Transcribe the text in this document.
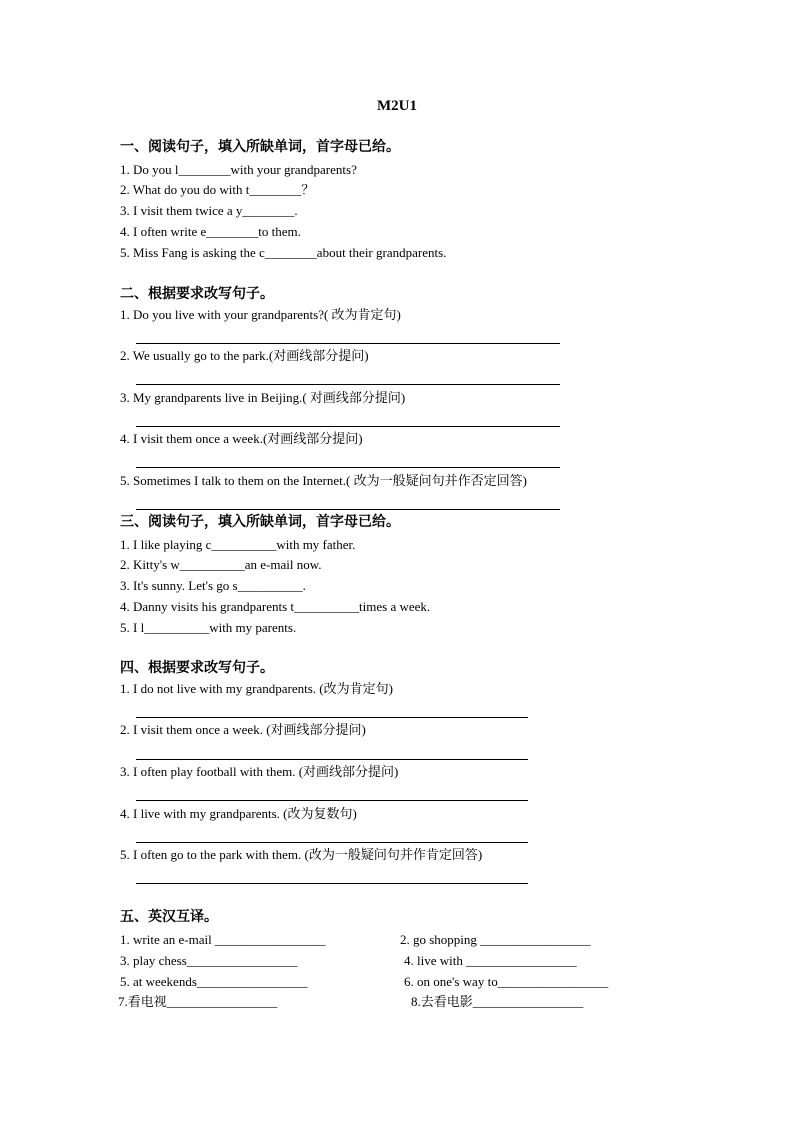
M2U1
一、阅读句子，填入所缺单词，首字母已给。
1. Do you l________with your grandparents?
2. What do you do with t________？
3. I visit them twice a y________.
4. I often write e________to them.
5. Miss Fang is asking the c________about their grandparents.
二、根据要求改写句子。
1. Do you live with your grandparents?( 改为肯定句)
2. We usually go to the park.(对画线部分提问)
3. My grandparents live in Beijing.( 对画线部分提问)
4. I visit them once a week.(对画线部分提问)
5. Sometimes I talk to them on the Internet.( 改为一般疑问句并作否定回答)
三、阅读句子，填入所缺单词，首字母已给。
1. I like playing c__________with my father.
2. Kitty's w__________an e-mail now.
3. It's sunny. Let's go s__________.
4. Danny visits his grandparents t__________times a week.
5. I l__________with my parents.
四、根据要求改写句子。
1. I do not live with my grandparents. (改为肯定句)
2. I visit them once a week. (对画线部分提问)
3. I often play football with them. (对画线部分提问)
4. I live with my grandparents. (改为复数句)
5. I often go to the park with them. (改为一般疑问句并作肯定回答)
五、英汉互译。
1. write an e-mail _________________	2. go shopping _________________
3. play chess_________________	4. live with _________________
5. at weekends_________________	6. on one's way to_________________
7.看电视_________________	8.去看电影_________________
